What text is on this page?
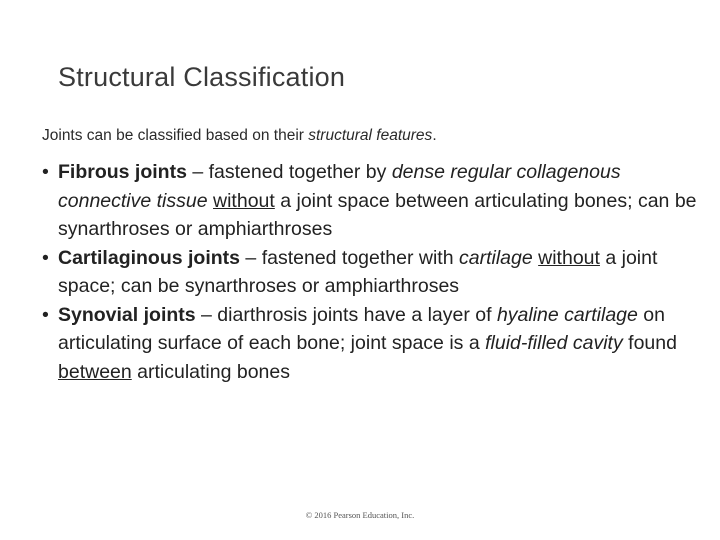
Structural Classification

Joints can be classified based on their structural features.

• Fibrous joints – fastened together by dense regular collagenous connective tissue without a joint space between articulating bones; can be synarthroses or amphiarthroses
• Cartilaginous joints – fastened together with cartilage without a joint space; can be synarthroses or amphiarthroses
• Synovial joints – diarthrosis joints have a layer of hyaline cartilage on articulating surface of each bone; joint space is a fluid-filled cavity found between articulating bones
© 2016 Pearson Education, Inc.
